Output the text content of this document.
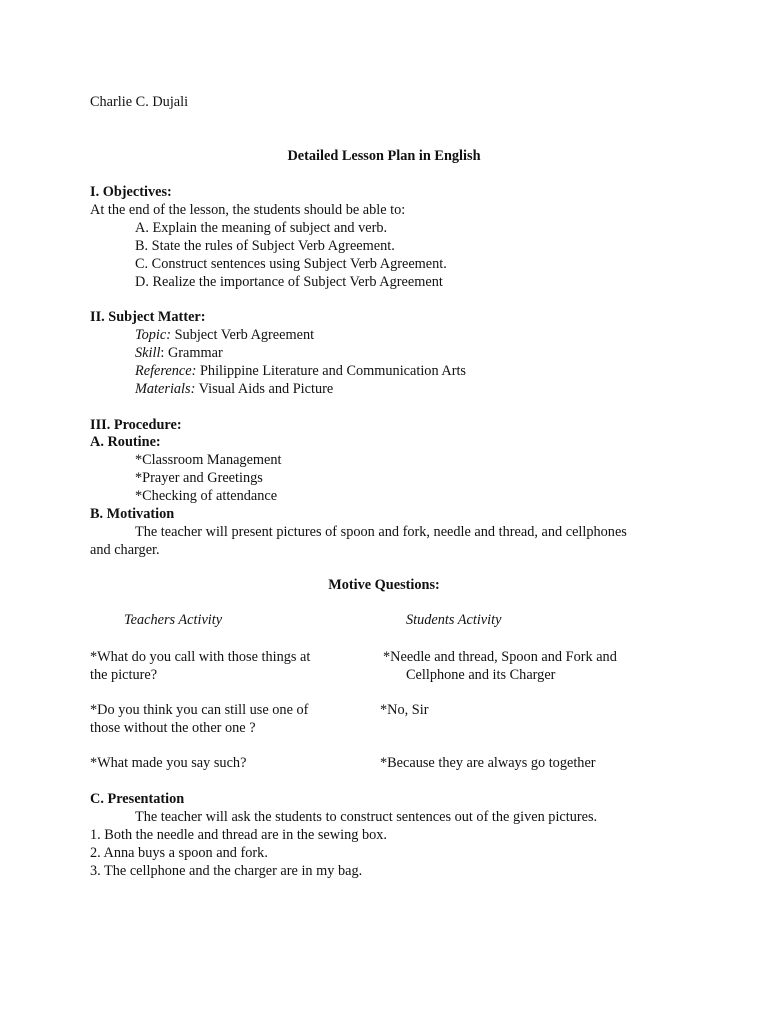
Charlie C. Dujali
Detailed Lesson Plan in English
I. Objectives:
At the end of the lesson, the students should be able to:
A. Explain the meaning of subject and verb.
B. State the rules of Subject Verb Agreement.
C. Construct sentences using Subject Verb Agreement.
D. Realize the importance of Subject Verb Agreement
II. Subject Matter:
Topic: Subject Verb Agreement
Skill: Grammar
Reference: Philippine Literature and Communication Arts
Materials: Visual Aids and Picture
III. Procedure:
A. Routine:
*Classroom Management
*Prayer and Greetings
*Checking of attendance
B. Motivation
The teacher will present pictures of spoon and fork, needle and thread, and cellphones
and charger.
Motive Questions:
Teachers Activity	Students Activity
*What do you call with those things at
the picture?
*Needle and thread, Spoon and Fork and
Cellphone and its Charger
*Do you think you can still use one of
those without the other one ?
*No, Sir
*What made you say such?	*Because they are always go together
C. Presentation
The teacher will ask the students to construct sentences out of the given pictures.
1. Both the needle and thread are in the sewing box.
2. Anna buys a spoon and fork.
3. The cellphone and the charger are in my bag.
